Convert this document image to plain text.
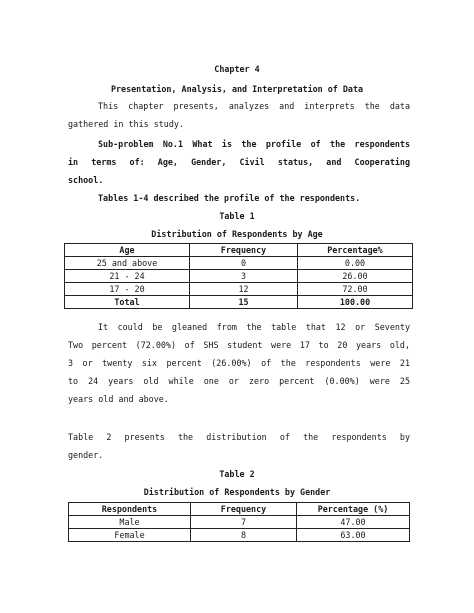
Chapter 4
Presentation, Analysis, and Interpretation of Data
This chapter presents, analyzes and interprets the data
gathered in this study.
Sub-problem No.1 What is the profile of the respondents
in terms of: Age, Gender, Civil status, and Cooperating
school.
Tables 1-4 described the profile of the respondents.
Table 1
Distribution of Respondents by Age
Age	Frequency	Percentage%
25 and above	0	0.00
21 - 24	3	26.00
17 - 20	12	72.00
Total	15	100.00
It could be gleaned from the table that 12 or Seventy
Two percent (72.00%) of SHS student were 17 to 20 years old,
3 or twenty six percent (26.00%) of the respondents were 21
to 24 years old while one or zero percent (0.00%) were 25
years old and above.
Table 2 presents the distribution of the respondents by
gender.
Table 2
Distribution of Respondents by Gender
Respondents	Frequency	Percentage (%)
Male	7	47.00
Female	8	63.00
